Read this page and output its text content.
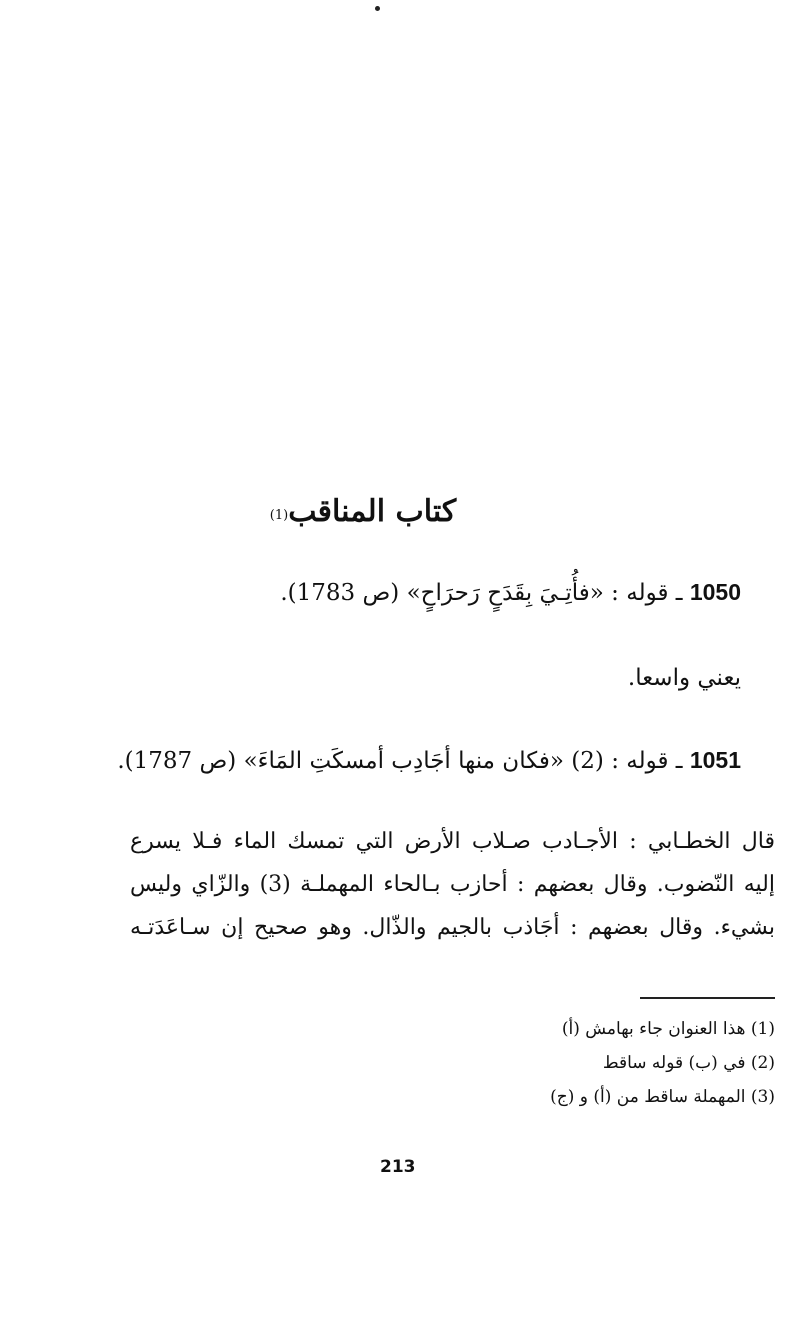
كتاب المناقب(1)
1050 ـ قوله : «فأُتِـيَ بِقَدَحٍ رَحرَاحٍ» (ص 1783).
يعني واسعا.
1051 ـ قوله : (2) «فكان منها أجَادِب أمسكَتِ المَاءَ» (ص 1787).
قال الخطـابي : الأجـادب صـلاب الأرض التي تمسك الماء فـلا يسرع
إليه النّضوب. وقال بعضهم : أحازب بـالحاء المهملـة (3) والزّاي وليس
بشيء. وقال بعضهم : أجَاذب بالجيم والذّال. وهو صحيح إن سـاعَدَتـه
(1) هذا العنوان جاء بهامش (أ)
(2) في (ب) قوله ساقط
(3) المهملة ساقط من (أ) و (ج)
213
